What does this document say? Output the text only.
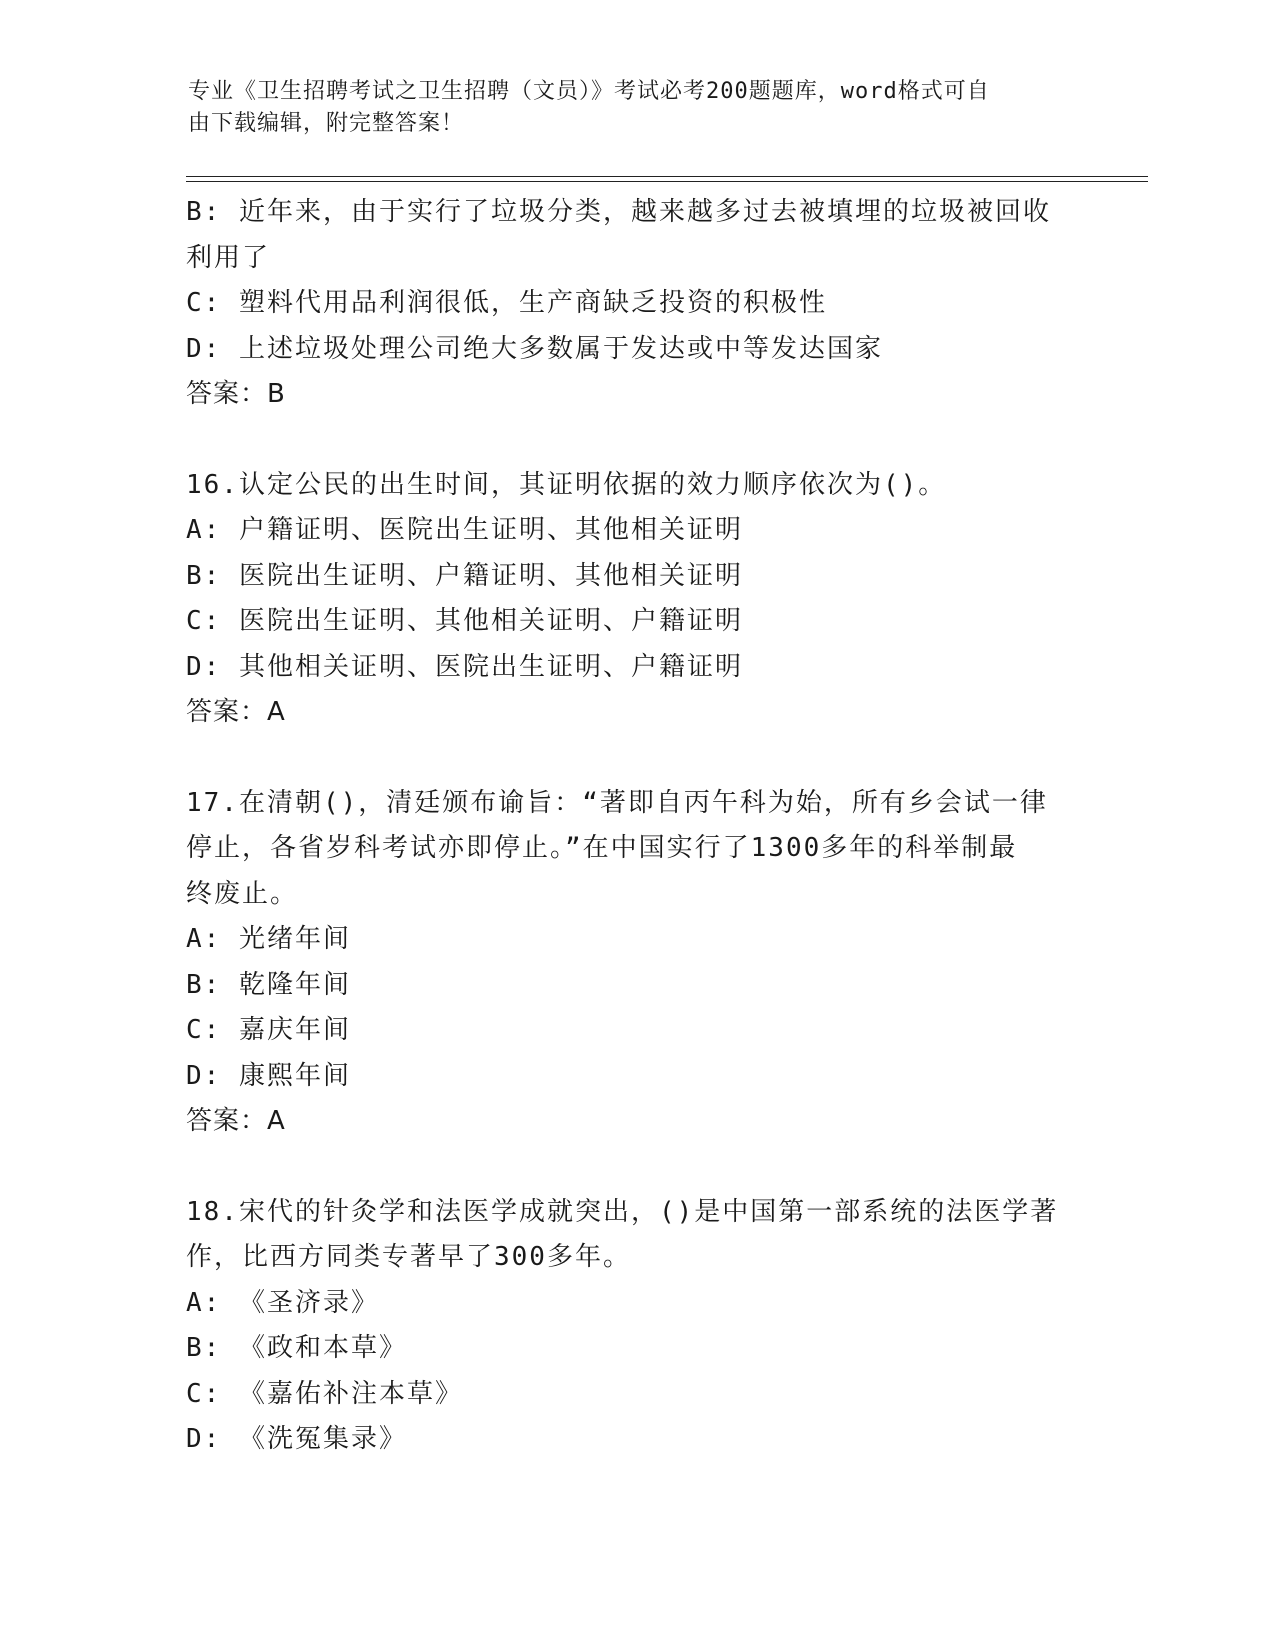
专业《卫生招聘考试之卫生招聘（文员）》考试必考200题题库，word格式可自
由下载编辑，附完整答案！
B: 近年来，由于实行了垃圾分类，越来越多过去被填埋的垃圾被回收
利用了
C: 塑料代用品利润很低，生产商缺乏投资的积极性
D: 上述垃圾处理公司绝大多数属于发达或中等发达国家
答案：B
16.认定公民的出生时间，其证明依据的效力顺序依次为()。
A: 户籍证明、医院出生证明、其他相关证明
B: 医院出生证明、户籍证明、其他相关证明
C: 医院出生证明、其他相关证明、户籍证明
D: 其他相关证明、医院出生证明、户籍证明
答案：A
17.在清朝()，清廷颁布谕旨：“著即自丙午科为始，所有乡会试一律
停止，各省岁科考试亦即停止。”在中国实行了1300多年的科举制最
终废止。
A: 光绪年间
B: 乾隆年间
C: 嘉庆年间
D: 康熙年间
答案：A
18.宋代的针灸学和法医学成就突出，()是中国第一部系统的法医学著
作，比西方同类专著早了300多年。
A: 《圣济录》
B: 《政和本草》
C: 《嘉佑补注本草》
D: 《洗冤集录》
